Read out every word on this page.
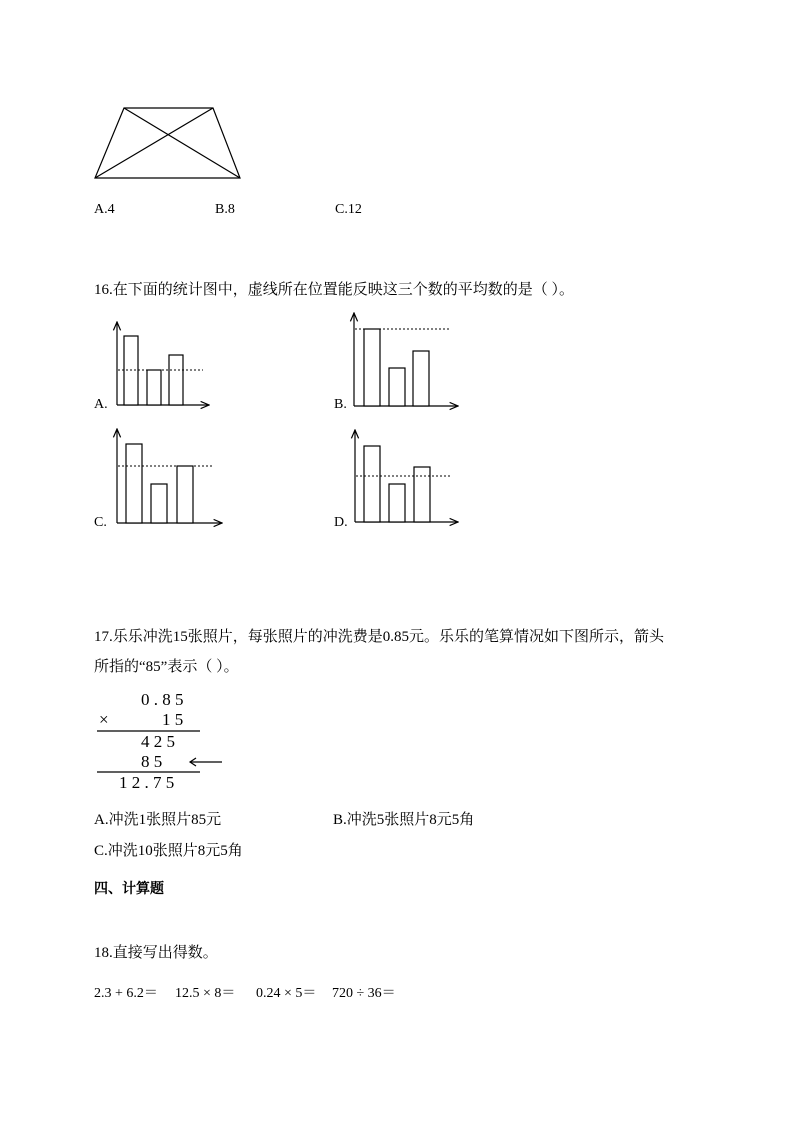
A.4	B.8	C.12
16.在下面的统计图中，虚线所在位置能反映这三个数的平均数的是（ ）。
A.	B.
C.	D.
17.乐乐冲洗15张照片，每张照片的冲洗费是0.85元。乐乐的笔算情况如下图所示，箭头
所指的“85”表示（ ）。
0 . 8 5
×	1 5
4 2 5
8 5
1 2 . 7 5
A.冲洗1张照片85元	B.冲洗5张照片8元5角
C.冲洗10张照片8元5角
四、计算题
18.直接写出得数。
2.3 + 6.2＝ 12.5 × 8＝ 0.24 × 5＝ 720 ÷ 36＝
